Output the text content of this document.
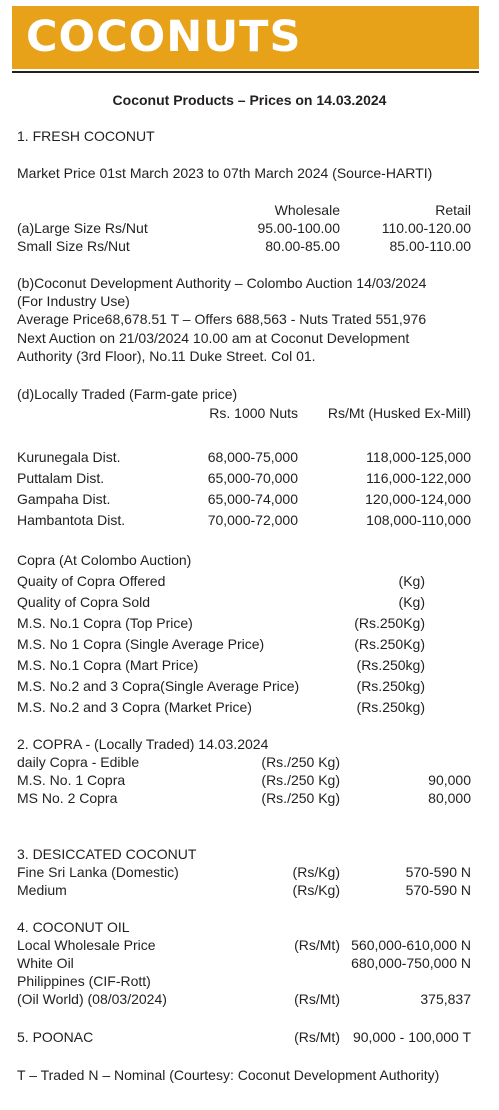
COCONUTS
Coconut Products – Prices on 14.03.2024
1. FRESH COCONUT
Market Price 01st March 2023 to 07th March 2024 (Source-HARTI)
Wholesale	Retail
(a)Large Size Rs/Nut	95.00-100.00	110.00-120.00
Small Size Rs/Nut	80.00-85.00	85.00-110.00
(b)Coconut Development Authority – Colombo Auction 14/03/2024
(For Industry Use)
Average Price68,678.51 T – Offers 688,563 - Nuts Trated 551,976
Next Auction on 21/03/2024 10.00 am at Coconut Development
Authority (3rd Floor), No.11 Duke Street. Col 01.
(d)Locally Traded (Farm-gate price)
Rs. 1000 Nuts Rs/Mt (Husked Ex-Mill)
Kurunegala Dist.	68,000-75,000	118,000-125,000
Puttalam Dist.	65,000-70,000	116,000-122,000
Gampaha Dist.	65,000-74,000	120,000-124,000
Hambantota Dist.	70,000-72,000	108,000-110,000
Copra (At Colombo Auction)
Quaity of Copra Offered	(Kg)
Quality of Copra Sold	(Kg)
M.S. No.1 Copra (Top Price)	(Rs.250Kg)
M.S. No 1 Copra (Single Average Price)	(Rs.250Kg)
M.S. No.1 Copra (Mart Price)	(Rs.250kg)
M.S. No.2 and 3 Copra(Single Average Price)	(Rs.250kg)
M.S. No.2 and 3 Copra (Market Price)	(Rs.250kg)
2. COPRA - (Locally Traded) 14.03.2024
daily Copra - Edible	(Rs./250 Kg)
M.S. No. 1 Copra	(Rs./250 Kg)	90,000
MS No. 2 Copra	(Rs./250 Kg)	80,000
3. DESICCATED COCONUT
Fine Sri Lanka (Domestic)	(Rs/Kg)	570-590 N
Medium	(Rs/Kg)	570-590 N
4. COCONUT OIL
Local Wholesale Price	(Rs/Mt) 560,000-610,000 N
White Oil	680,000-750,000 N
Philippines (CIF-Rott)
(Oil World) (08/03/2024)	(Rs/Mt)	375,837
5. POONAC	(Rs/Mt) 90,000 - 100,000 T
T – Traded N – Nominal (Courtesy: Coconut Development Authority)
